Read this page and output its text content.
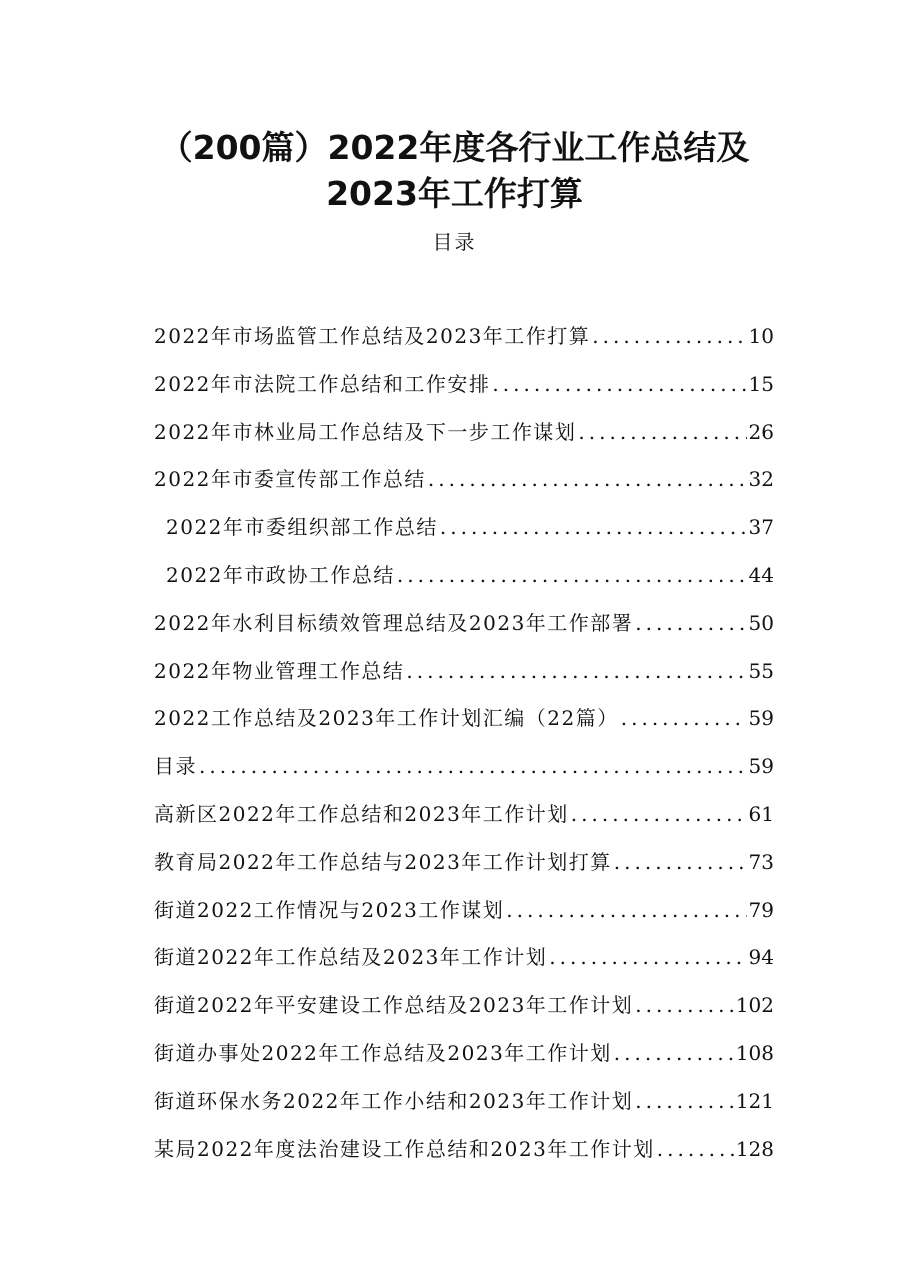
（200篇）2022年度各行业工作总结及
2023年工作打算
目录
2022年市场监管工作总结及2023年工作打算 .....	10
2022年市法院工作总结和工作安排 .....	15
2022年市林业局工作总结及下一步工作谋划 .....	26
2022年市委宣传部工作总结 .....	32
2022年市委组织部工作总结 .....	37
2022年市政协工作总结 .....	44
2022年水利目标绩效管理总结及2023年工作部署 .....	50
2022年物业管理工作总结 .....	55
2022工作总结及2023年工作计划汇编（22篇） .....	59
目录 .....	59
高新区2022年工作总结和2023年工作计划 .....	61
教育局2022年工作总结与2023年工作计划打算 .....	73
街道2022工作情况与2023工作谋划 .....	79
街道2022年工作总结及2023年工作计划 .....	94
街道2022年平安建设工作总结及2023年工作计划 .....	102
街道办事处2022年工作总结及2023年工作计划 .....	108
街道环保水务2022年工作小结和2023年工作计划 .....	121
某局2022年度法治建设工作总结和2023年工作计划 .....	128
